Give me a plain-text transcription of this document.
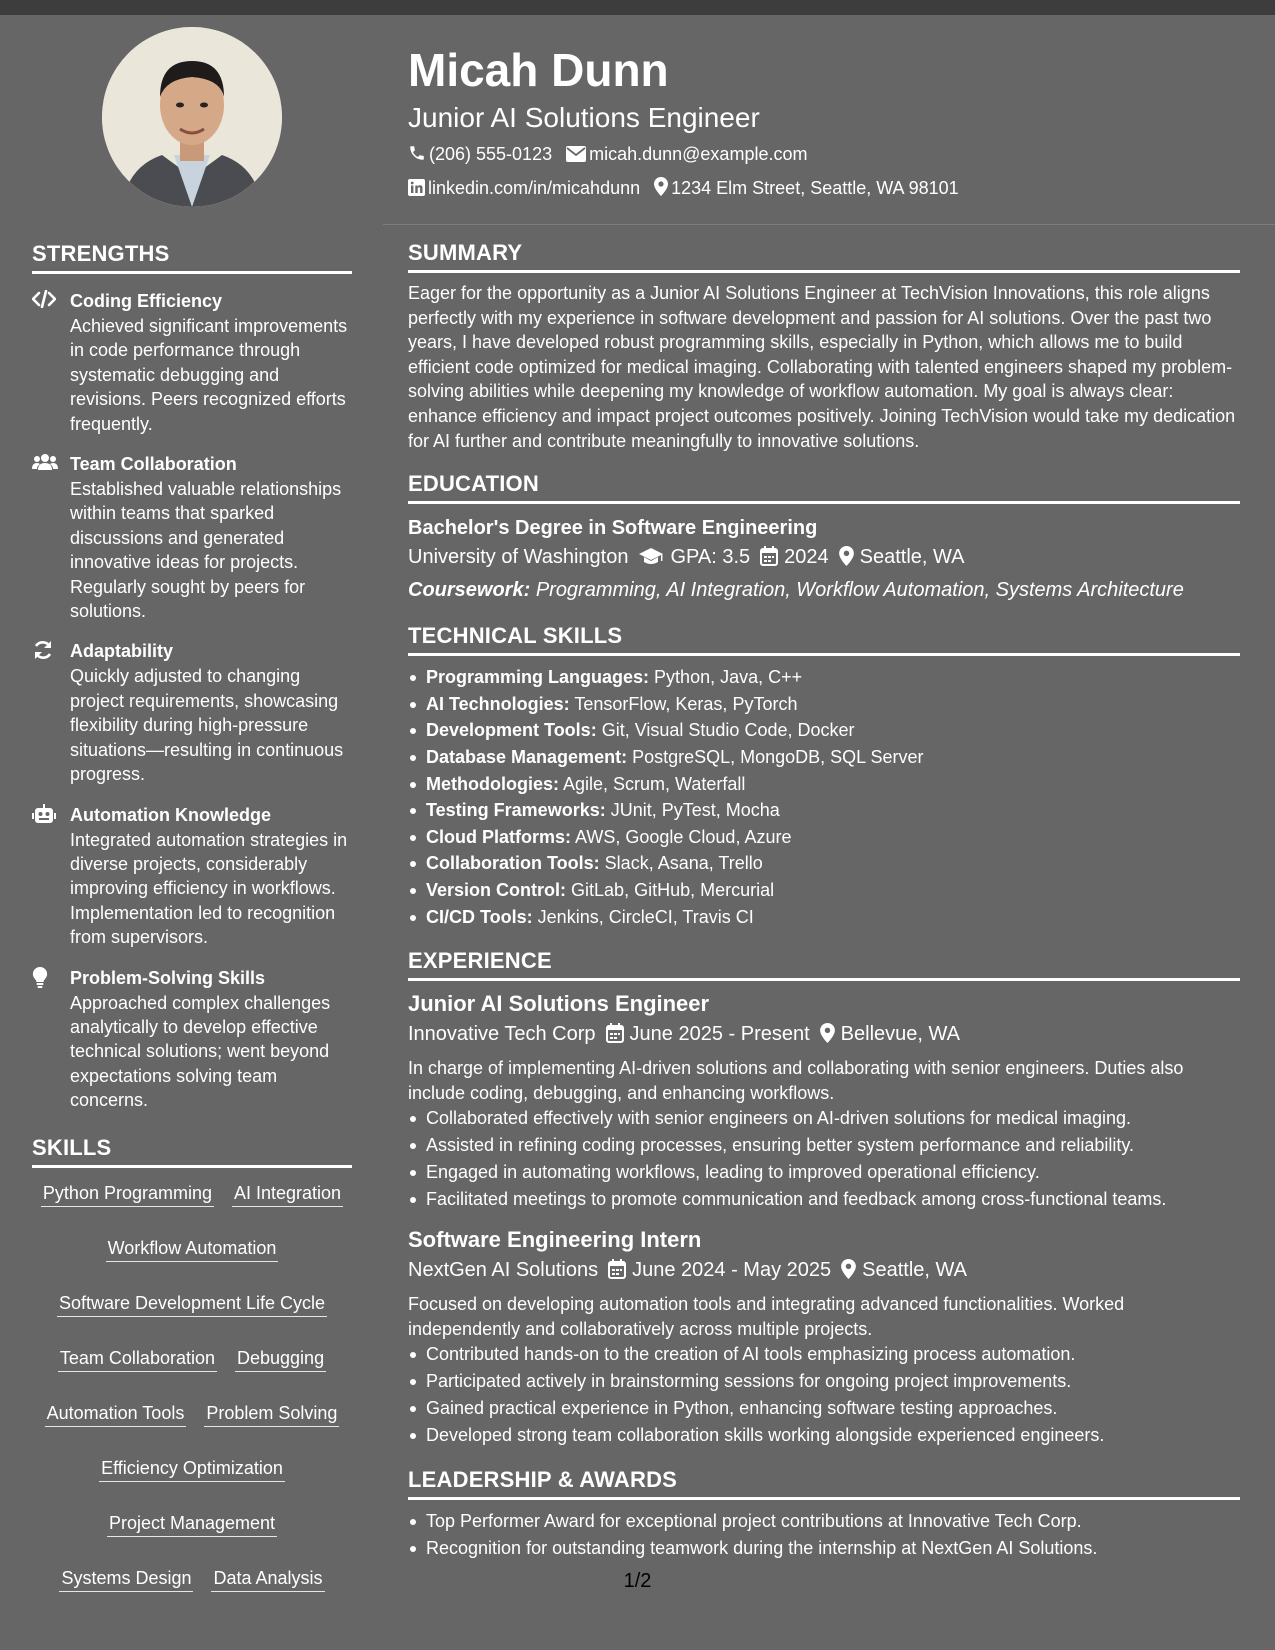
STRENGTHS
Coding Efficiency
Achieved significant improvements in code performance through systematic debugging and revisions. Peers recognized efforts frequently.
Team Collaboration
Established valuable relationships within teams that sparked discussions and generated innovative ideas for projects. Regularly sought by peers for solutions.
Adaptability
Quickly adjusted to changing project requirements, showcasing flexibility during high-pressure situations—resulting in continuous progress.
Automation Knowledge
Integrated automation strategies in diverse projects, considerably improving efficiency in workflows. Implementation led to recognition from supervisors.
Problem-Solving Skills
Approached complex challenges analytically to develop effective technical solutions; went beyond expectations solving team concerns.
SKILLS
Python Programming AI Integration
Workflow Automation
Software Development Life Cycle
Team Collaboration Debugging
Automation Tools Problem Solving
Efficiency Optimization
Project Management
Systems Design Data Analysis
Micah Dunn
Junior AI Solutions Engineer
(206) 555-0123 micah.dunn@example.com
linkedin.com/in/micahdunn 1234 Elm Street, Seattle, WA 98101
SUMMARY
Eager for the opportunity as a Junior AI Solutions Engineer at TechVision Innovations, this role aligns perfectly with my experience in software development and passion for AI solutions. Over the past two years, I have developed robust programming skills, especially in Python, which allows me to build efficient code optimized for medical imaging. Collaborating with talented engineers shaped my problem-solving abilities while deepening my knowledge of workflow automation. My goal is always clear: enhance efficiency and impact project outcomes positively. Joining TechVision would take my dedication for AI further and contribute meaningfully to innovative solutions.
EDUCATION
Bachelor's Degree in Software Engineering
University of Washington GPA: 3.5 2024 Seattle, WA
Coursework: Programming, AI Integration, Workflow Automation, Systems Architecture
TECHNICAL SKILLS
Programming Languages: Python, Java, C++
AI Technologies: TensorFlow, Keras, PyTorch
Development Tools: Git, Visual Studio Code, Docker
Database Management: PostgreSQL, MongoDB, SQL Server
Methodologies: Agile, Scrum, Waterfall
Testing Frameworks: JUnit, PyTest, Mocha
Cloud Platforms: AWS, Google Cloud, Azure
Collaboration Tools: Slack, Asana, Trello
Version Control: GitLab, GitHub, Mercurial
CI/CD Tools: Jenkins, CircleCI, Travis CI
EXPERIENCE
Junior AI Solutions Engineer
Innovative Tech Corp June 2025 - Present Bellevue, WA
In charge of implementing AI-driven solutions and collaborating with senior engineers. Duties also include coding, debugging, and enhancing workflows.
Collaborated effectively with senior engineers on AI-driven solutions for medical imaging.
Assisted in refining coding processes, ensuring better system performance and reliability.
Engaged in automating workflows, leading to improved operational efficiency.
Facilitated meetings to promote communication and feedback among cross-functional teams.
Software Engineering Intern
NextGen AI Solutions June 2024 - May 2025 Seattle, WA
Focused on developing automation tools and integrating advanced functionalities. Worked independently and collaboratively across multiple projects.
Contributed hands-on to the creation of AI tools emphasizing process automation.
Participated actively in brainstorming sessions for ongoing project improvements.
Gained practical experience in Python, enhancing software testing approaches.
Developed strong team collaboration skills working alongside experienced engineers.
LEADERSHIP & AWARDS
Top Performer Award for exceptional project contributions at Innovative Tech Corp.
Recognition for outstanding teamwork during the internship at NextGen AI Solutions.
1/2
